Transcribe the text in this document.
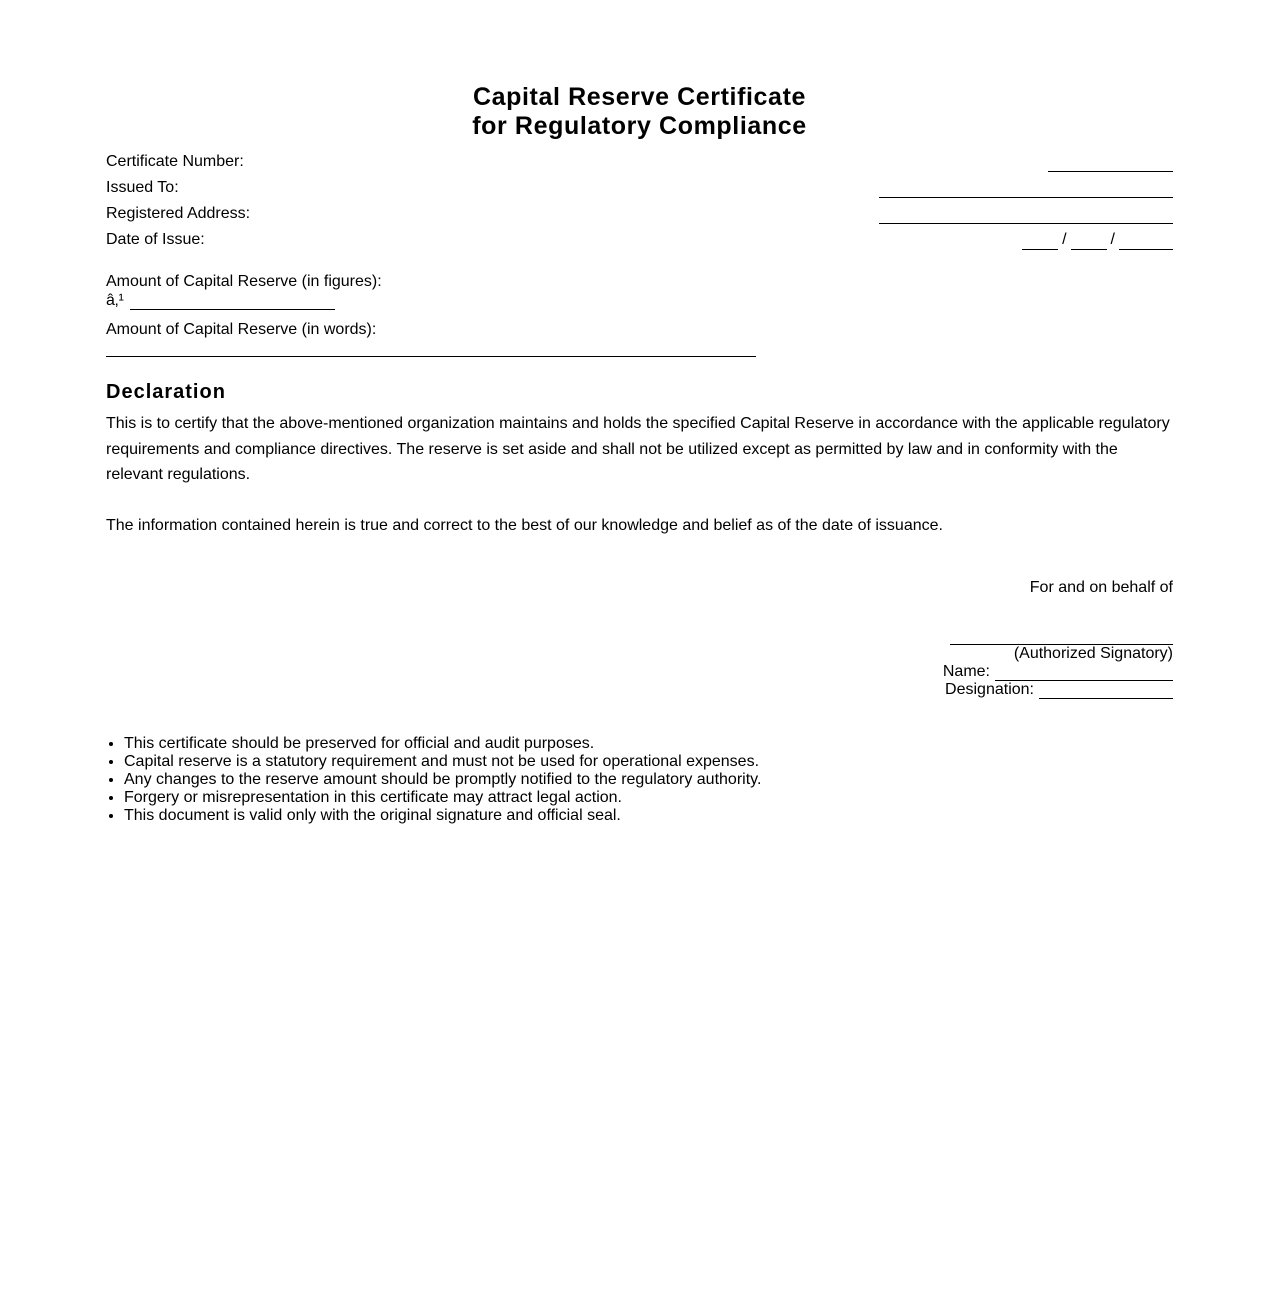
Capital Reserve Certificate
for Regulatory Compliance
Certificate Number:
Issued To:
Registered Address:
Date of Issue:	/	/
Amount of Capital Reserve (in figures):
â‚¹
Amount of Capital Reserve (in words):
Declaration
This is to certify that the above-mentioned organization maintains and holds the specified Capital Reserve in accordance with the applicable regulatory requirements and compliance directives. The reserve is set aside and shall not be utilized except as permitted by law and in conformity with the relevant regulations.
The information contained herein is true and correct to the best of our knowledge and belief as of the date of issuance.
For and on behalf of
(Authorized Signatory)
Name:
Designation:
• This certificate should be preserved for official and audit purposes.
• Capital reserve is a statutory requirement and must not be used for operational expenses.
• Any changes to the reserve amount should be promptly notified to the regulatory authority.
• Forgery or misrepresentation in this certificate may attract legal action.
• This document is valid only with the original signature and official seal.
